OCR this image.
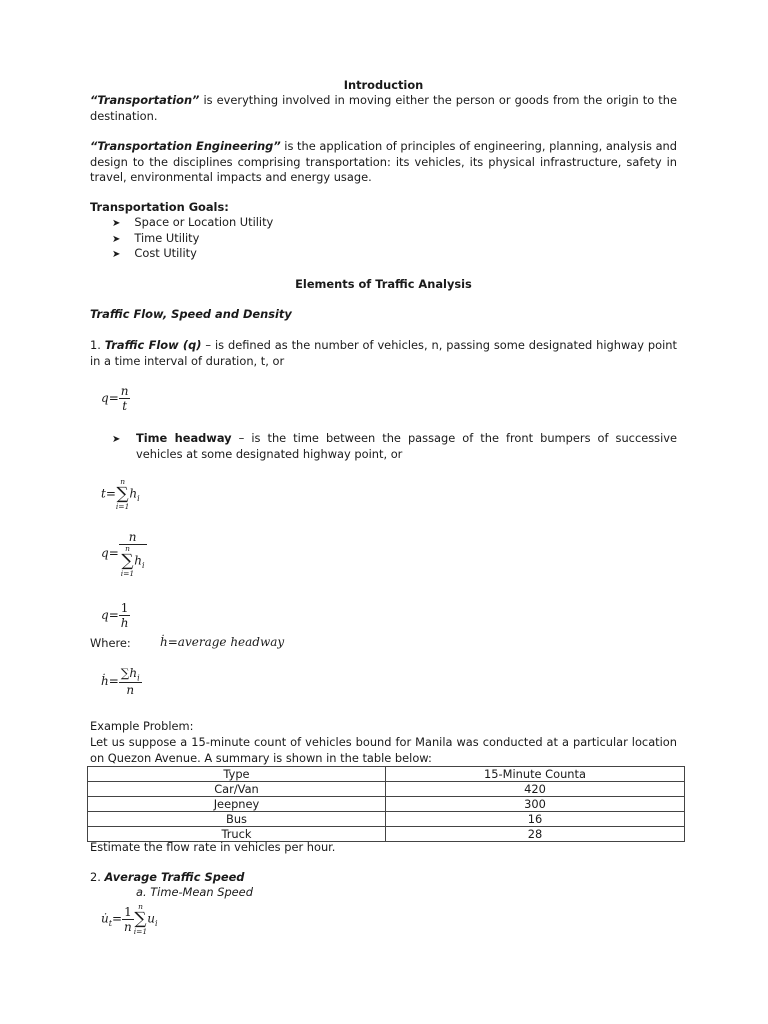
Introduction
“Transportation” is everything involved in moving either the person or goods from the origin to the destination.
“Transportation Engineering” is the application of principles of engineering, planning, analysis and design to the disciplines comprising transportation: its vehicles, its physical infrastructure, safety in travel, environmental impacts and energy usage.
Transportation Goals:
➤ Space or Location Utility
➤ Time Utility
➤ Cost Utility
Elements of Traffic Analysis
Traffic Flow, Speed and Density
1. Traffic Flow (q) – is defined as the number of vehicles, n, passing some designated highway point in a time interval of duration, t, or
$q= \frac{n}{t}$
➤ Time headway – is the time between the passage of the front bumpers of successive vehicles at some designated highway point, or
t=
n
∑
i=1
$h_i$
q= n
n
∑
i=1
$h_i$
$q= \frac{1}{h}$
Where: ḣ=average headway
ḣ= $\frac{\sum h_i}{n}$
Example Problem:
Let us suppose a 15-minute count of vehicles bound for Manila was conducted at a particular location on Quezon Avenue. A summary is shown in the table below:
Type	15-Minute Counta
Car/Van	420
Jeepney	300
Bus	16
Truck	28
Estimate the flow rate in vehicles per hour.
2. Average Traffic Speed
a. Time-Mean Speed
$u̇_t= \frac{1}{n}$ n
∑
i=1
$u_i$
